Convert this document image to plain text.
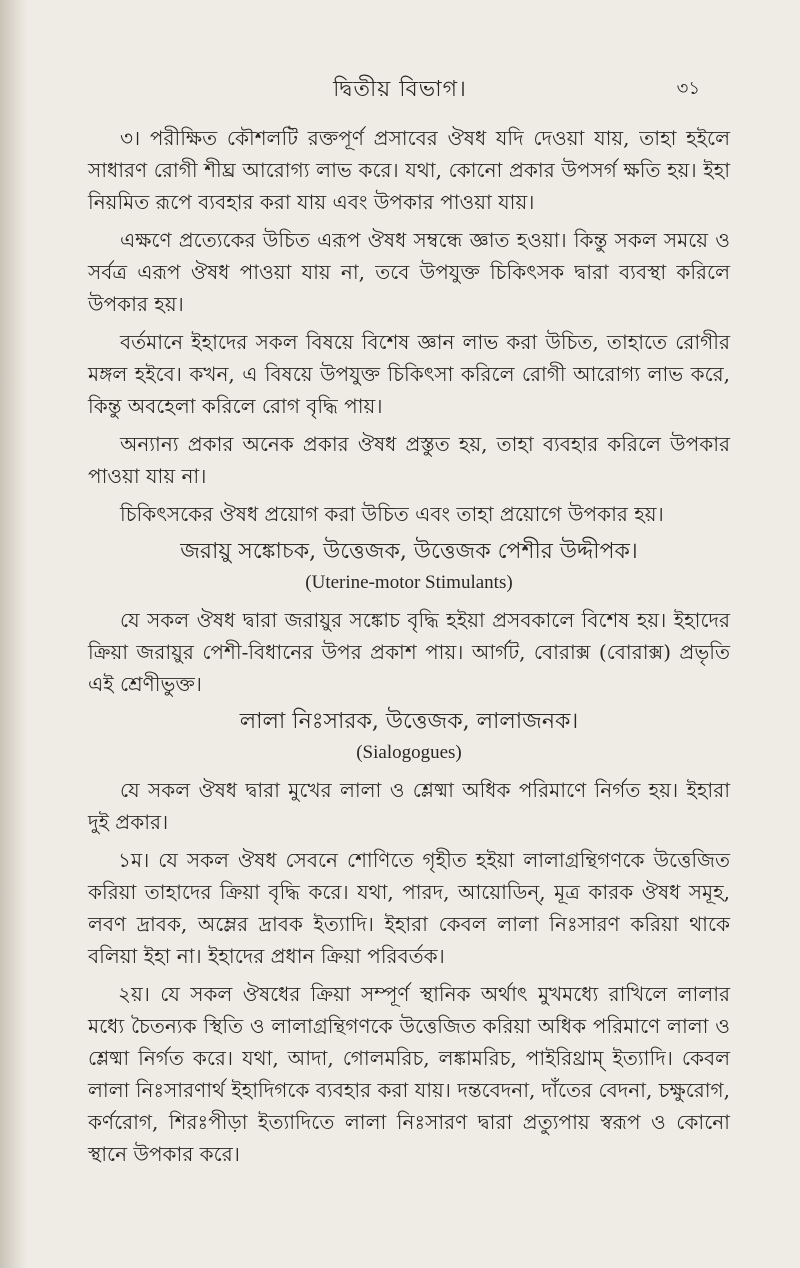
দ্বিতীয় বিভাগ।	৩১

৩। পরীক্ষিত কৌশলটি রক্তপূর্ণ প্রসাবের ঔষধ যদি দেওয়া যায়, তাহা হইলে সাধারণ রোগী শীঘ্র আরোগ্য লাভ করে। যথা, কোনো প্রকার উপসর্গ ক্ষতি হয়। ইহা নিয়মিত রূপে ব্যবহার করা যায় এবং উপকার পাওয়া যায়।

এক্ষণে প্রত্যেকের উচিত এরূপ ঔষধ সম্বন্ধে জ্ঞাত হওয়া। কিন্তু সকল সময়ে ও সর্বত্র এরূপ ঔষধ পাওয়া যায় না, তবে উপযুক্ত চিকিৎসক দ্বারা ব্যবস্থা করিলে উপকার হয়।

বর্তমানে ইহাদের সকল বিষয়ে বিশেষ জ্ঞান লাভ করা উচিত, তাহাতে রোগীর মঙ্গল হইবে। কখন, এ বিষয়ে উপযুক্ত চিকিৎসা করিলে রোগী আরোগ্য লাভ করে, কিন্তু অবহেলা করিলে রোগ বৃদ্ধি পায়।

অন্যান্য প্রকার অনেক প্রকার ঔষধ প্রস্তুত হয়, তাহা ব্যবহার করিলে উপকার পাওয়া যায় না।

চিকিৎসকের ঔষধ প্রয়োগ করা উচিত এবং তাহা প্রয়োগে উপকার হয়।

জরায়ু সঙ্কোচক, উত্তেজক, উত্তেজক পেশীর উদ্দীপক।
(Uterine-motor Stimulants)

যে সকল ঔষধ দ্বারা জরায়ুর সঙ্কোচ বৃদ্ধি হইয়া প্রসবকালে বিশেষ হয়। ইহাদের ক্রিয়া জরায়ুর পেশী-বিধানের উপর প্রকাশ পায়। আর্গট, বোরাক্স (বোরাক্স) প্রভৃতি এই শ্রেণীভুক্ত।

লালা নিঃসারক, উত্তেজক, লালাজনক।
(Sialogogues)

যে সকল ঔষধ দ্বারা মুখের লালা ও শ্লেষ্মা অধিক পরিমাণে নির্গত হয়। ইহারা দুই প্রকার।

১ম। যে সকল ঔষধ সেবনে শোণিতে গৃহীত হইয়া লালাগ্রন্থিগণকে উত্তেজিত করিয়া তাহাদের ক্রিয়া বৃদ্ধি করে। যথা, পারদ, আয়োডিন্, মূত্র কারক ঔষধ সমূহ, লবণ দ্রাবক, অম্লের দ্রাবক ইত্যাদি। ইহারা কেবল লালা নিঃসারণ করিয়া থাকে বলিয়া ইহা না। ইহাদের প্রধান ক্রিয়া পরিবর্তক।

২য়। যে সকল ঔষধের ক্রিয়া সম্পূর্ণ স্থানিক অর্থাৎ মুখমধ্যে রাখিলে লালার মধ্যে চৈতন্যক স্থিতি ও লালাগ্রন্থিগণকে উত্তেজিত করিয়া অধিক পরিমাণে লালা ও শ্লেষ্মা নির্গত করে। যথা, আদা, গোলমরিচ, লঙ্কামরিচ, পাইরিথ্রাম্ ইত্যাদি। কেবল লালা নিঃসারণার্থ ইহাদিগকে ব্যবহার করা যায়। দন্তবেদনা, দাঁতের বেদনা, চক্ষুরোগ, কর্ণরোগ, শিরঃপীড়া ইত্যাদিতে লালা নিঃসারণ দ্বারা প্রত্যুপায় স্বরূপ ও কোনো স্থানে উপকার করে।
